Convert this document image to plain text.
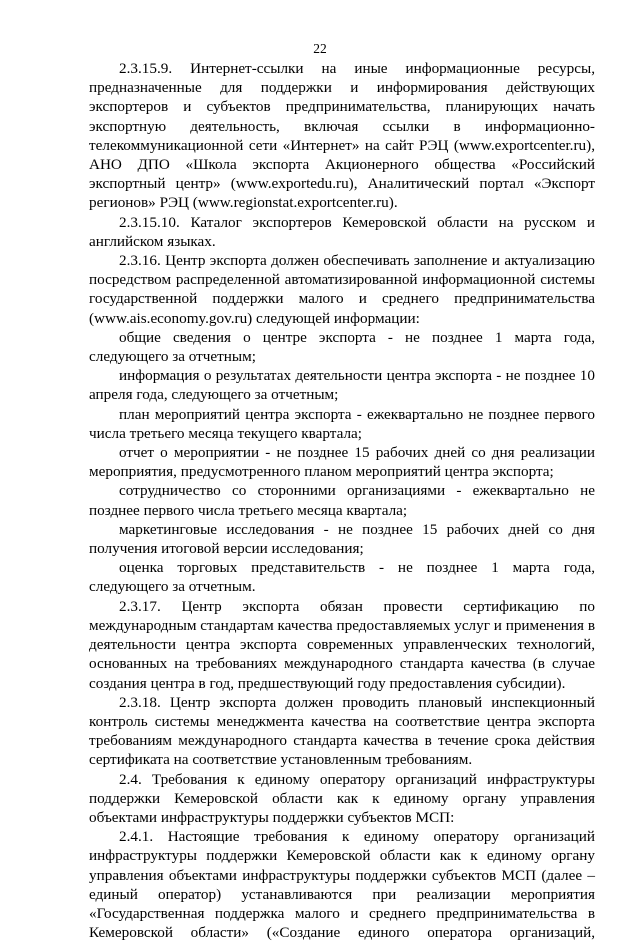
22

2.3.15.9. Интернет-ссылки на иные информационные ресурсы, предназначенные для поддержки и информирования действующих экспортеров и субъектов предпринимательства, планирующих начать экспортную деятельность, включая ссылки в информационно-телекоммуникационной сети «Интернет» на сайт РЭЦ (www.exportcenter.ru), АНО ДПО «Школа экспорта Акционерного общества «Российский экспортный центр» (www.exportedu.ru), Аналитический портал «Экспорт регионов» РЭЦ (www.regionstat.exportcenter.ru).

2.3.15.10. Каталог экспортеров Кемеровской области на русском и английском языках.

2.3.16. Центр экспорта должен обеспечивать заполнение и актуализацию посредством распределенной автоматизированной информационной системы государственной поддержки малого и среднего предпринимательства (www.ais.economy.gov.ru) следующей информации:

общие сведения о центре экспорта - не позднее 1 марта года, следующего за отчетным;

информация о результатах деятельности центра экспорта - не позднее 10 апреля года, следующего за отчетным;

план мероприятий центра экспорта - ежеквартально не позднее первого числа третьего месяца текущего квартала;

отчет о мероприятии - не позднее 15 рабочих дней со дня реализации мероприятия, предусмотренного планом мероприятий центра экспорта;

сотрудничество со сторонними организациями - ежеквартально не позднее первого числа третьего месяца квартала;

маркетинговые исследования - не позднее 15 рабочих дней со дня получения итоговой версии исследования;

оценка торговых представительств - не позднее 1 марта года, следующего за отчетным.

2.3.17. Центр экспорта обязан провести сертификацию по международным стандартам качества предоставляемых услуг и применения в деятельности центра экспорта современных управленческих технологий, основанных на требованиях международного стандарта качества (в случае создания центра в год, предшествующий году предоставления субсидии).

2.3.18. Центр экспорта должен проводить плановый инспекционный контроль системы менеджмента качества на соответствие центра экспорта требованиям международного стандарта качества в течение срока действия сертификата на соответствие установленным требованиям.

2.4. Требования к единому оператору организаций инфраструктуры поддержки Кемеровской области как к единому органу управления объектами инфраструктуры поддержки субъектов МСП:

2.4.1. Настоящие требования к единому оператору организаций инфраструктуры поддержки Кемеровской области как к единому органу управления объектами инфраструктуры поддержки субъектов МСП (далее – единый оператор) устанавливаются при реализации мероприятия «Государственная поддержка малого и среднего предпринимательства в Кемеровской области» («Создание единого оператора организаций,
